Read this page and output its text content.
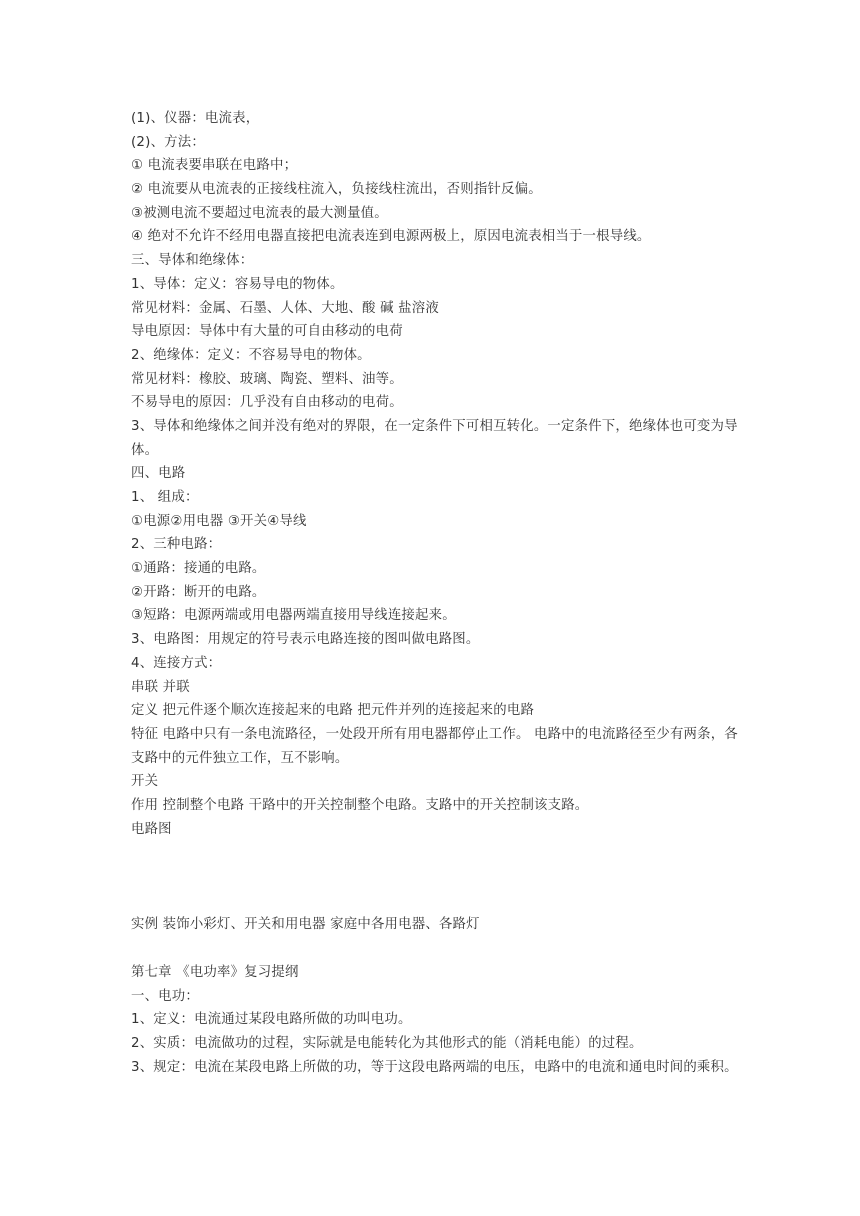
(1)、仪器：电流表，
(2)、方法：
① 电流表要串联在电路中；
② 电流要从电流表的正接线柱流入，负接线柱流出，否则指针反偏。
③被测电流不要超过电流表的最大测量值。
④ 绝对不允许不经用电器直接把电流表连到电源两极上，原因电流表相当于一根导线。
三、导体和绝缘体：
1、导体：定义：容易导电的物体。
常见材料：金属、石墨、人体、大地、酸 碱 盐溶液
导电原因：导体中有大量的可自由移动的电荷
2、绝缘体：定义：不容易导电的物体。
常见材料：橡胶、玻璃、陶瓷、塑料、油等。
不易导电的原因：几乎没有自由移动的电荷。
3、导体和绝缘体之间并没有绝对的界限，在一定条件下可相互转化。一定条件下，绝缘体也可变为导体。
四、电路
1、 组成：
①电源②用电器 ③开关④导线
2、三种电路：
①通路：接通的电路。
②开路：断开的电路。
③短路：电源两端或用电器两端直接用导线连接起来。
3、电路图：用规定的符号表示电路连接的图叫做电路图。
4、连接方式：
串联 并联
定义 把元件逐个顺次连接起来的电路 把元件并列的连接起来的电路
特征 电路中只有一条电流路径，一处段开所有用电器都停止工作。 电路中的电流路径至少有两条，各支路中的元件独立工作，互不影响。
开关
作用 控制整个电路 干路中的开关控制整个电路。支路中的开关控制该支路。
电路图
实例 装饰小彩灯、开关和用电器 家庭中各用电器、各路灯
第七章 《电功率》复习提纲
一、电功：
1、定义：电流通过某段电路所做的功叫电功。
2、实质：电流做功的过程，实际就是电能转化为其他形式的能（消耗电能）的过程。
3、规定：电流在某段电路上所做的功，等于这段电路两端的电压，电路中的电流和通电时间的乘积。
